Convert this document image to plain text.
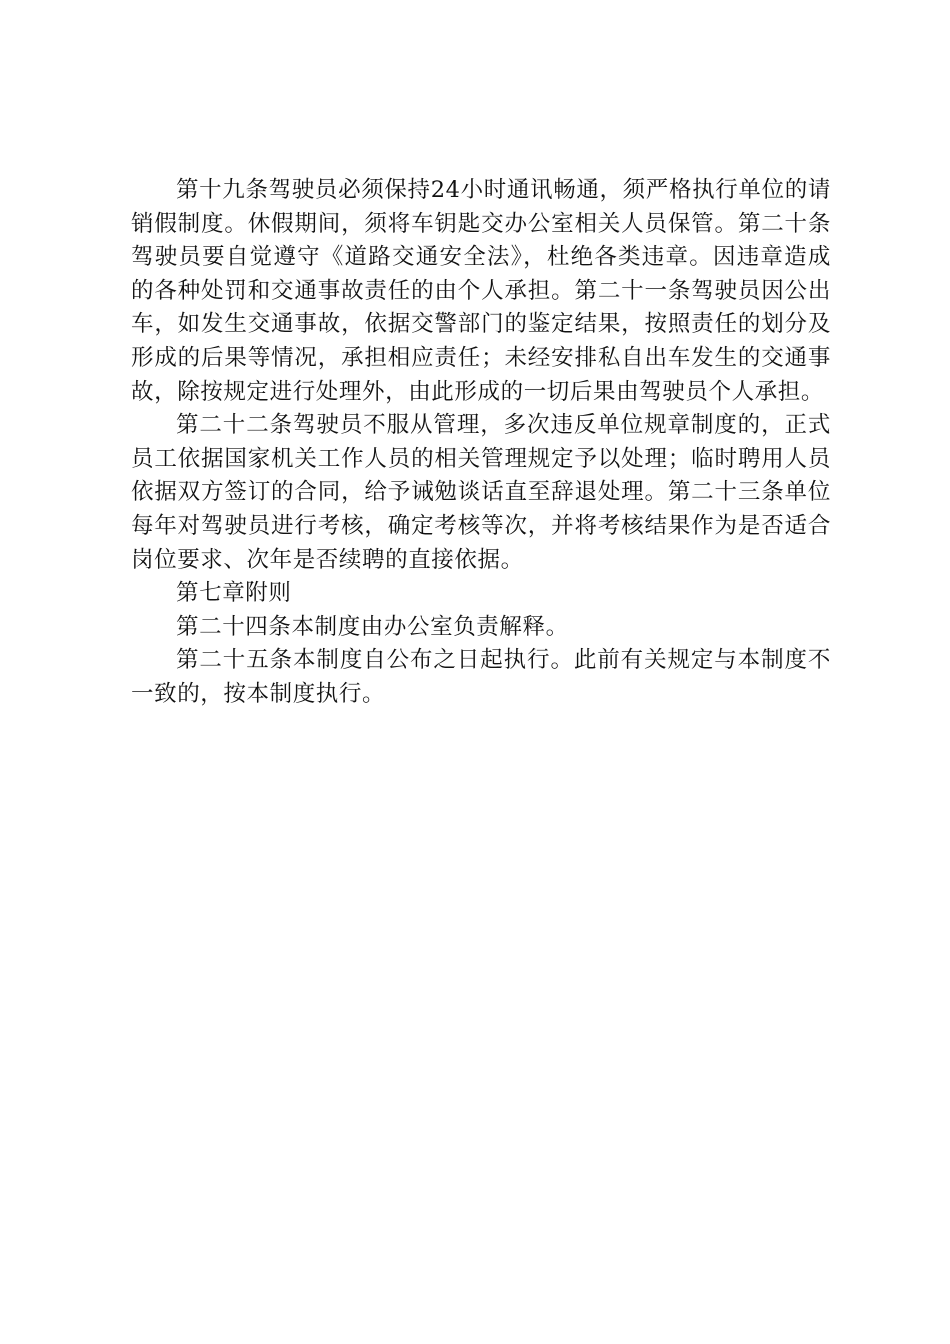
第十九条驾驶员必须保持24小时通讯畅通，须严格执行单位的请销假制度。休假期间，须将车钥匙交办公室相关人员保管。第二十条驾驶员要自觉遵守《道路交通安全法》，杜绝各类违章。因违章造成的各种处罚和交通事故责任的由个人承担。第二十一条驾驶员因公出车，如发生交通事故，依据交警部门的鉴定结果，按照责任的划分及形成的后果等情况，承担相应责任；未经安排私自出车发生的交通事故，除按规定进行处理外，由此形成的一切后果由驾驶员个人承担。

第二十二条驾驶员不服从管理，多次违反单位规章制度的，正式员工依据国家机关工作人员的相关管理规定予以处理；临时聘用人员依据双方签订的合同，给予诫勉谈话直至辞退处理。第二十三条单位每年对驾驶员进行考核，确定考核等次，并将考核结果作为是否适合岗位要求、次年是否续聘的直接依据。

第七章附则

第二十四条本制度由办公室负责解释。

第二十五条本制度自公布之日起执行。此前有关规定与本制度不一致的，按本制度执行。
